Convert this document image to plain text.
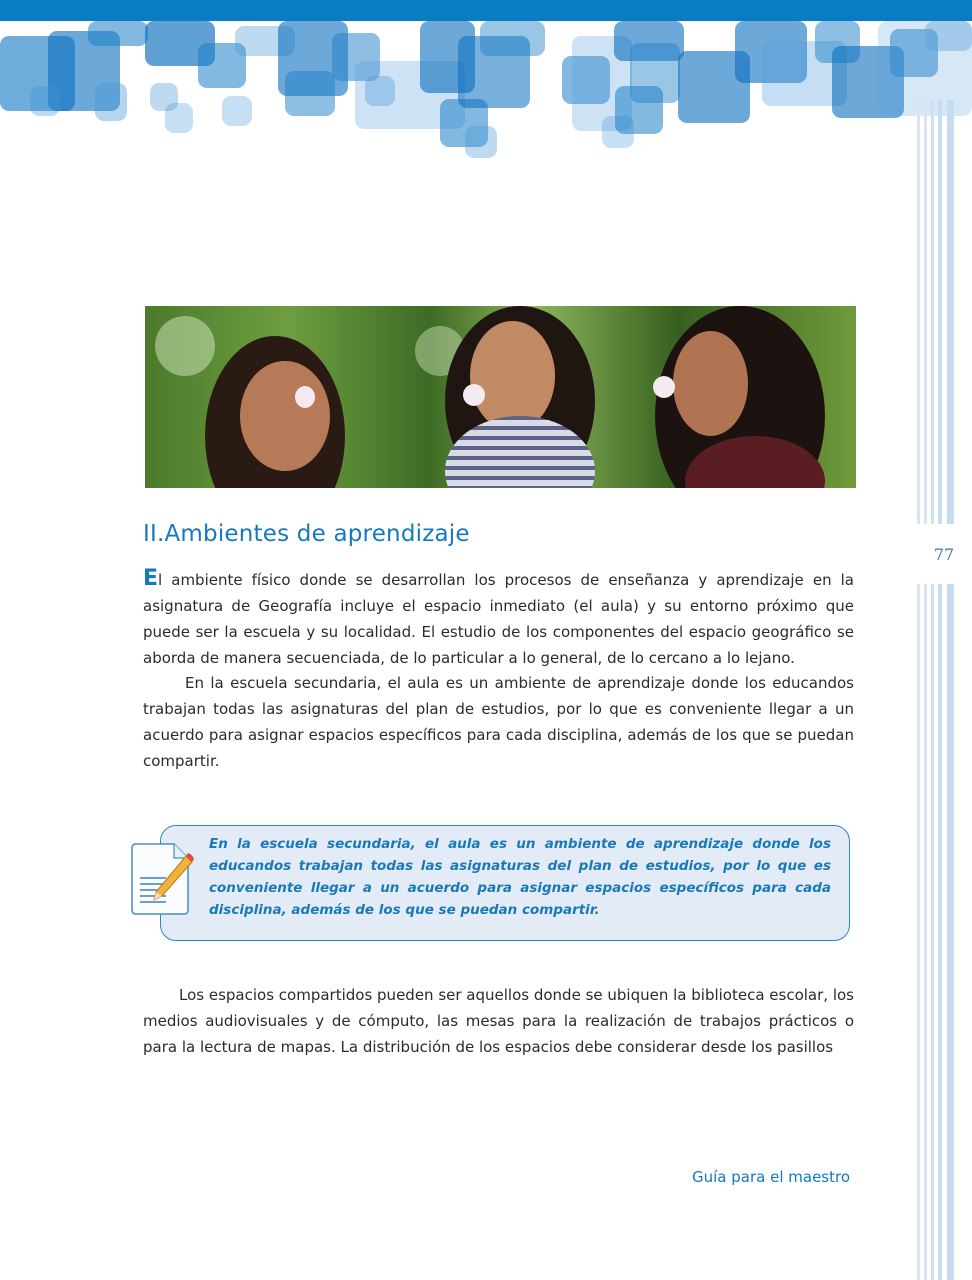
77
II.Ambientes de aprendizaje

El ambiente físico donde se desarrollan los procesos de enseñanza y aprendizaje en la asignatura de Geografía incluye el espacio inmediato (el aula) y su entorno próximo que puede ser la escuela y su localidad. El estudio de los componentes del espacio geográfico se aborda de manera secuenciada, de lo particular a lo general, de lo cercano a lo lejano.

En la escuela secundaria, el aula es un ambiente de aprendizaje donde los educandos trabajan todas las asignaturas del plan de estudios, por lo que es conveniente llegar a un acuerdo para asignar espacios específicos para cada disciplina, además de los que se puedan compartir.

En la escuela secundaria, el aula es un ambiente de aprendizaje donde los educandos trabajan todas las asignaturas del plan de estudios, por lo que es conveniente llegar a un acuerdo para asignar espacios específicos para cada disciplina, además de los que se puedan compartir.

Los espacios compartidos pueden ser aquellos donde se ubiquen la biblioteca escolar, los medios audiovisuales y de cómputo, las mesas para la realización de trabajos prácticos o para la lectura de mapas. La distribución de los espacios debe considerar desde los pasillos

Guía para el maestro
